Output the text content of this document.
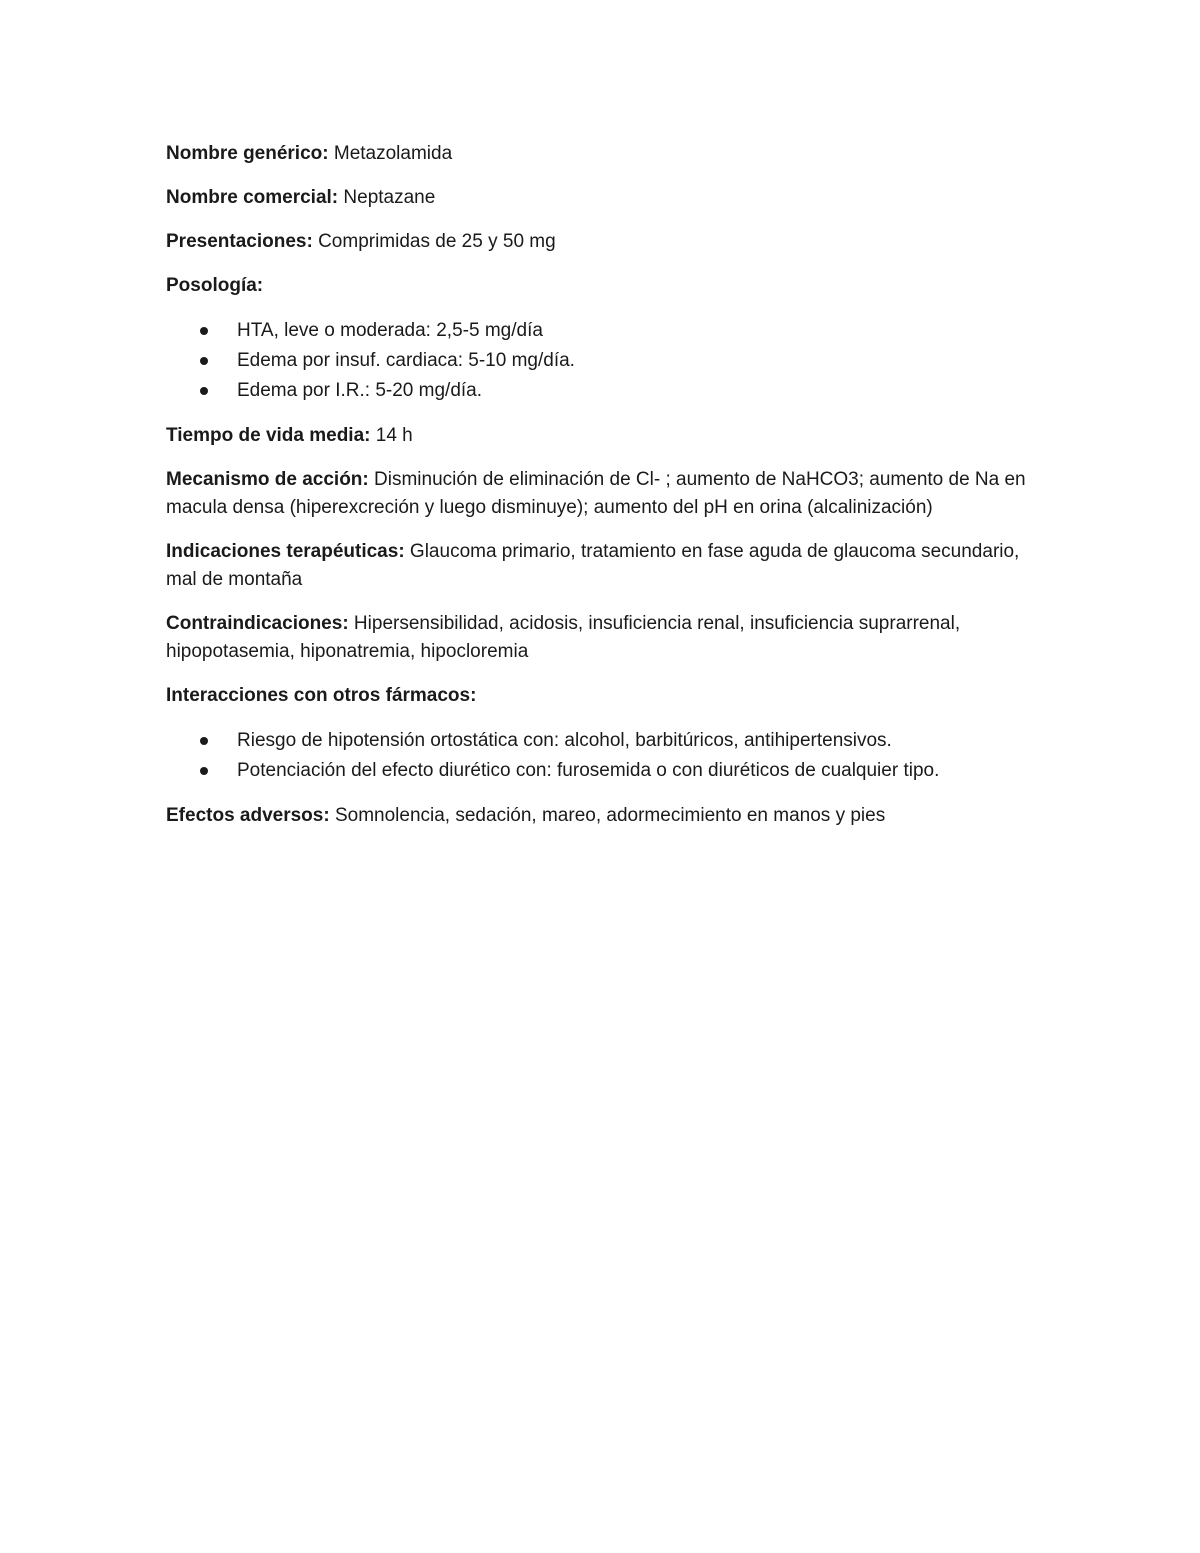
Nombre genérico: Metazolamida

Nombre comercial: Neptazane

Presentaciones: Comprimidas de 25 y 50 mg

Posología:

HTA, leve o moderada: 2,5-5 mg/día
Edema por insuf. cardiaca: 5-10 mg/día.
Edema por I.R.: 5-20 mg/día.

Tiempo de vida media: 14 h

Mecanismo de acción: Disminución de eliminación de Cl- ; aumento de NaHCO3; aumento de Na en macula densa (hiperexcreción y luego disminuye); aumento del pH en orina (alcalinización)

Indicaciones terapéuticas: Glaucoma primario, tratamiento en fase aguda de glaucoma secundario, mal de montaña

Contraindicaciones: Hipersensibilidad, acidosis, insuficiencia renal, insuficiencia suprarrenal, hipopotasemia, hiponatremia, hipocloremia

Interacciones con otros fármacos:

Riesgo de hipotensión ortostática con: alcohol, barbitúricos, antihipertensivos.
Potenciación del efecto diurético con: furosemida o con diuréticos de cualquier tipo.

Efectos adversos: Somnolencia, sedación, mareo, adormecimiento en manos y pies
